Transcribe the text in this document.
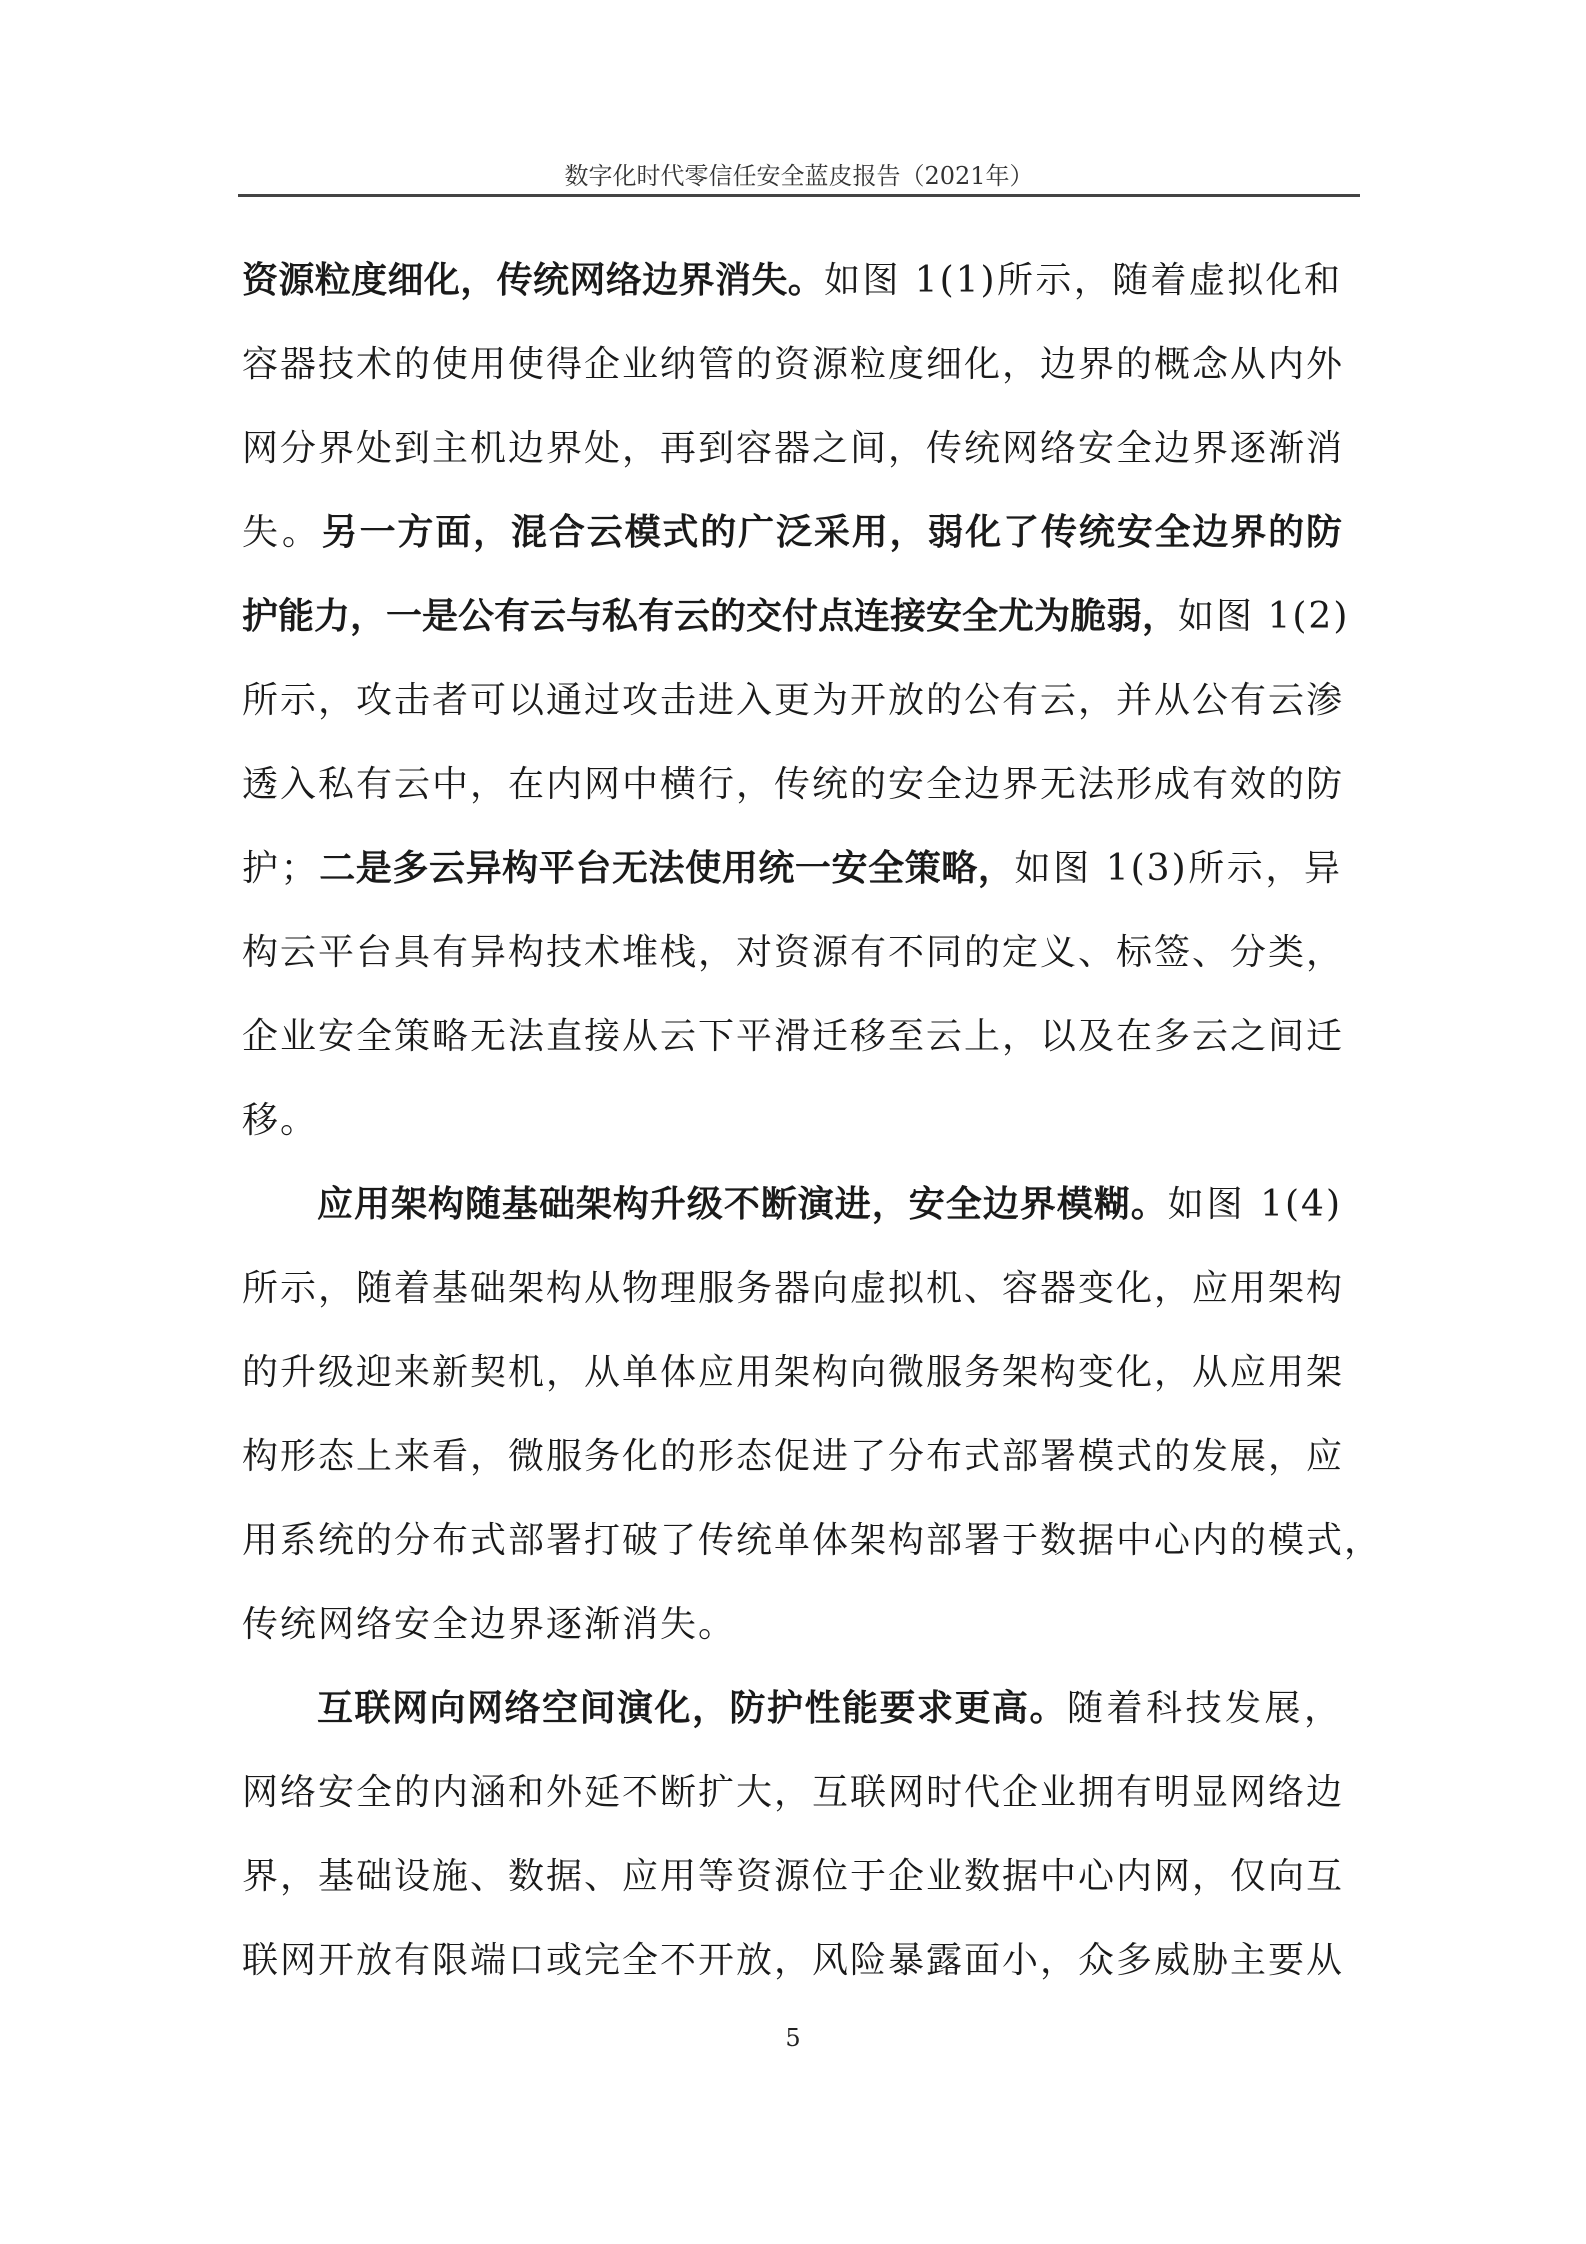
数字化时代零信任安全蓝皮报告（2021年）
资源粒度细化，传统网络边界消失。如图 1(1)所示，随着虚拟化和
容器技术的使用使得企业纳管的资源粒度细化，边界的概念从内外
网分界处到主机边界处，再到容器之间，传统网络安全边界逐渐消
失。另一方面，混合云模式的广泛采用，弱化了传统安全边界的防
护能力，一是公有云与私有云的交付点连接安全尤为脆弱，如图 1(2)
所示，攻击者可以通过攻击进入更为开放的公有云，并从公有云渗
透入私有云中，在内网中横行，传统的安全边界无法形成有效的防
护；二是多云异构平台无法使用统一安全策略，如图 1(3)所示，异
构云平台具有异构技术堆栈，对资源有不同的定义、标签、分类，
企业安全策略无法直接从云下平滑迁移至云上，以及在多云之间迁
移。
应用架构随基础架构升级不断演进，安全边界模糊。如图 1(4)
所示，随着基础架构从物理服务器向虚拟机、容器变化，应用架构
的升级迎来新契机，从单体应用架构向微服务架构变化，从应用架
构形态上来看，微服务化的形态促进了分布式部署模式的发展，应
用系统的分布式部署打破了传统单体架构部署于数据中心内的模式，
传统网络安全边界逐渐消失。
互联网向网络空间演化，防护性能要求更高。随着科技发展，
网络安全的内涵和外延不断扩大，互联网时代企业拥有明显网络边
界，基础设施、数据、应用等资源位于企业数据中心内网，仅向互
联网开放有限端口或完全不开放，风险暴露面小，众多威胁主要从
5
